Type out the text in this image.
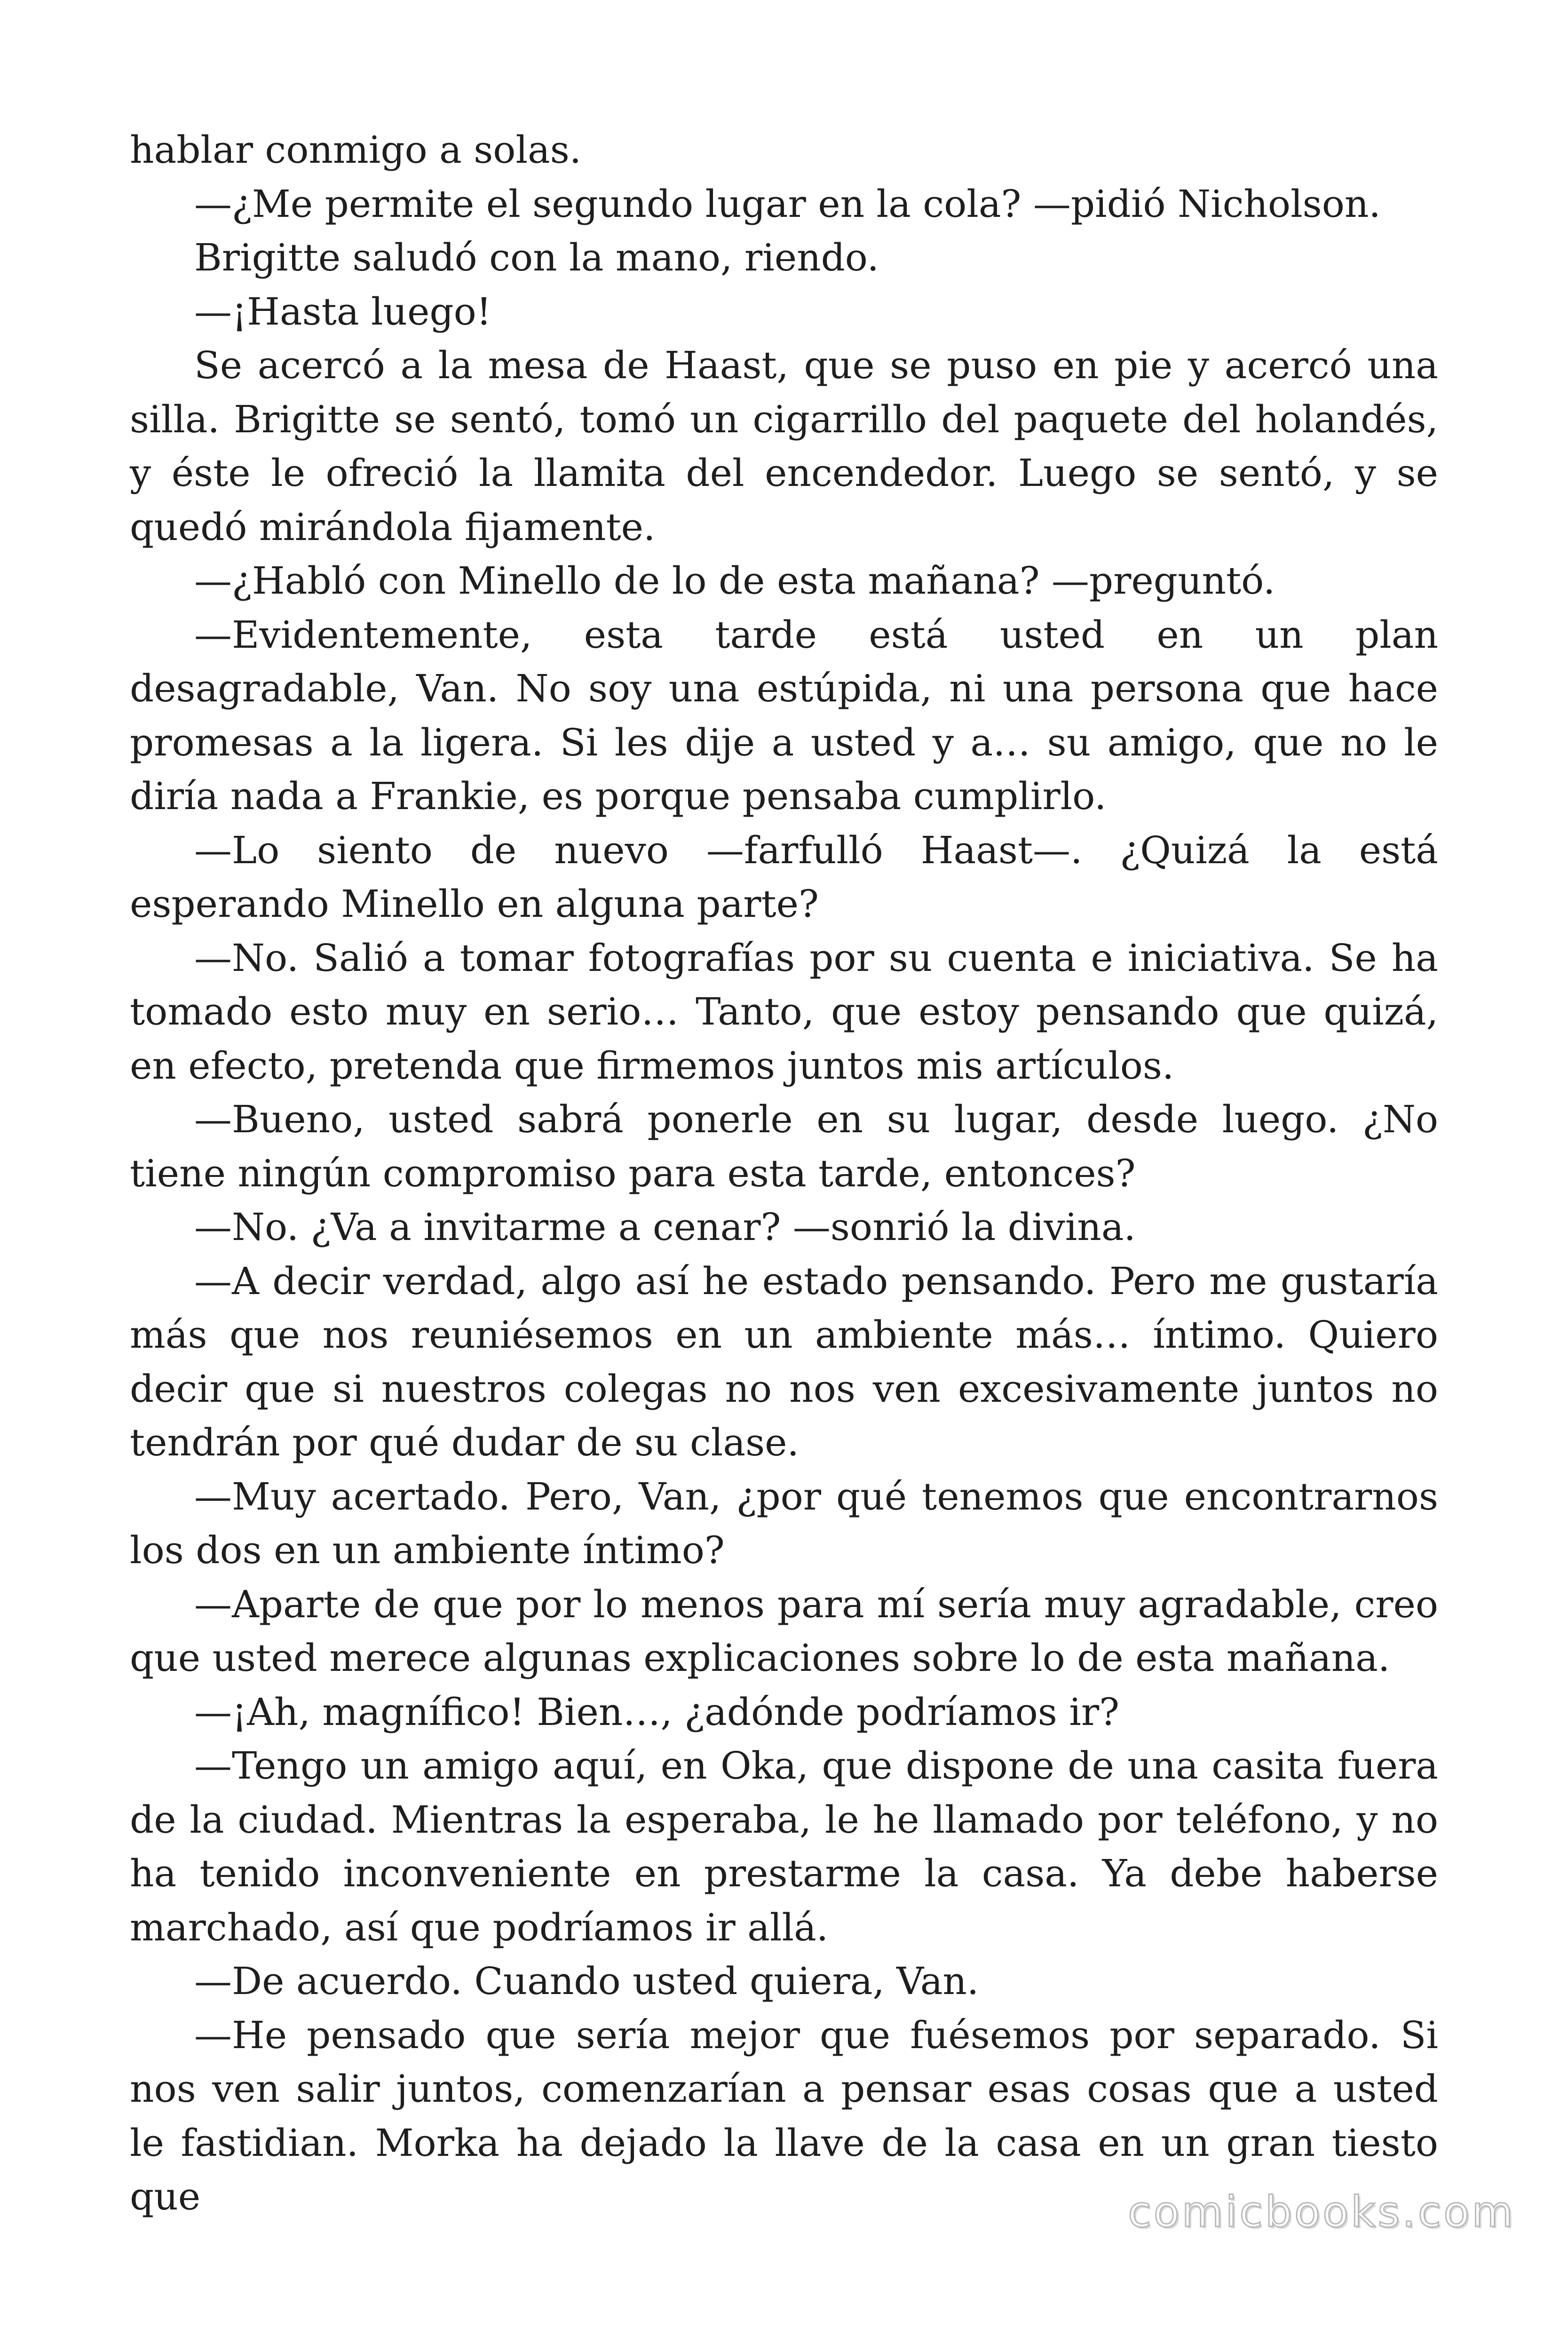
hablar conmigo a solas.

—¿Me permite el segundo lugar en la cola? —pidió Nicholson.

Brigitte saludó con la mano, riendo.

—¡Hasta luego!

Se acercó a la mesa de Haast, que se puso en pie y acercó una silla. Brigitte se sentó, tomó un cigarrillo del paquete del holandés, y éste le ofreció la llamita del encendedor. Luego se sentó, y se quedó mirándola fijamente.

—¿Habló con Minello de lo de esta mañana? —preguntó.

—Evidentemente, esta tarde está usted en un plan desagradable, Van. No soy una estúpida, ni una persona que hace promesas a la ligera. Si les dije a usted y a… su amigo, que no le diría nada a Frankie, es porque pensaba cumplirlo.

—Lo siento de nuevo —farfulló Haast—. ¿Quizá la está esperando Minello en alguna parte?

—No. Salió a tomar fotografías por su cuenta e iniciativa. Se ha tomado esto muy en serio… Tanto, que estoy pensando que quizá, en efecto, pretenda que firmemos juntos mis artículos.

—Bueno, usted sabrá ponerle en su lugar, desde luego. ¿No tiene ningún compromiso para esta tarde, entonces?

—No. ¿Va a invitarme a cenar? —sonrió la divina.

—A decir verdad, algo así he estado pensando. Pero me gustaría más que nos reuniésemos en un ambiente más… íntimo. Quiero decir que si nuestros colegas no nos ven excesivamente juntos no tendrán por qué dudar de su clase.

—Muy acertado. Pero, Van, ¿por qué tenemos que encontrarnos los dos en un ambiente íntimo?

—Aparte de que por lo menos para mí sería muy agradable, creo que usted merece algunas explicaciones sobre lo de esta mañana.

—¡Ah, magnífico! Bien…, ¿adónde podríamos ir?

—Tengo un amigo aquí, en Oka, que dispone de una casita fuera de la ciudad. Mientras la esperaba, le he llamado por teléfono, y no ha tenido inconveniente en prestarme la casa. Ya debe haberse marchado, así que podríamos ir allá.

—De acuerdo. Cuando usted quiera, Van.

—He pensado que sería mejor que fuésemos por separado. Si nos ven salir juntos, comenzarían a pensar esas cosas que a usted le fastidian. Morka ha dejado la llave de la casa en un gran tiesto que	comicbooks.com
